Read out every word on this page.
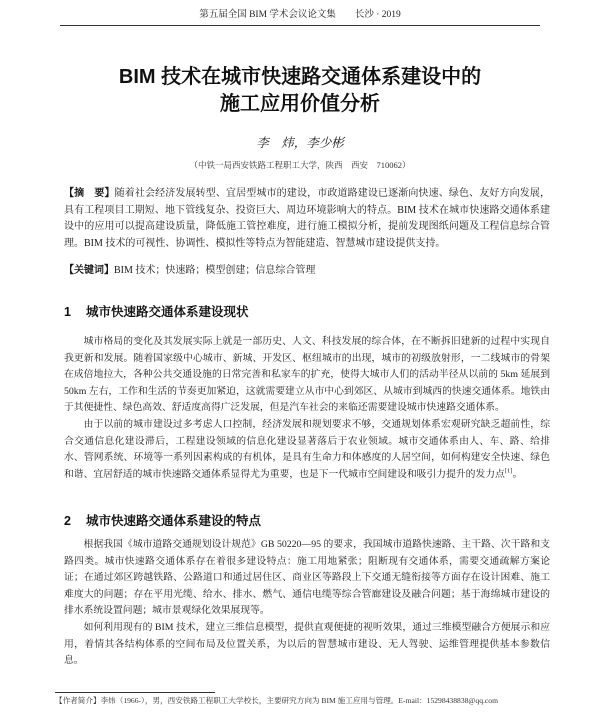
第五届全国 BIM 学术会议论文集　　长沙 · 2019
BIM 技术在城市快速路交通体系建设中的
施工应用价值分析
李　炜，李少彬
（中铁一局西安铁路工程职工大学，陕西　西安　710062）
【摘　要】随着社会经济发展转型、宜居型城市的建设，市政道路建设已逐渐向快速、绿色、友好方向发展，具有工程项目工期短、地下管线复杂、投资巨大、周边环境影响大的特点。BIM 技术在城市快速路交通体系建设中的应用可以提高建设质量，降低施工管控难度，进行施工模拟分析，提前发现图纸问题及工程信息综合管理。BIM 技术的可视性、协调性、模拟性等特点为智能建造、智慧城市建设提供支持。
【关键词】BIM 技术；快速路；模型创建；信息综合管理
1 城市快速路交通体系建设现状

城市格局的变化及其发展实际上就是一部历史、人文、科技发展的综合体，在不断拆旧建新的过程中实现自我更新和发展。随着国家级中心城市、新城、开发区、枢纽城市的出现，城市的初级放射形，一二线城市的骨架在成倍地拉大，各种公共交通设施的日常完善和私家车的扩充，使得大城市人们的活动半径从以前的 5km 延展到 50km 左右，工作和生活的节奏更加紧迫，这就需要建立从市中心到郊区、从城市到城西的快速交通体系。地铁由于其便捷性、绿色高效、舒适度高得广泛发展，但是汽车社会的来临还需要建设城市快速路交通体系。

由于以前的城市建设过多考虑人口控制，经济发展和规划要求不够，交通规划体系宏观研究缺乏超前性，综合交通信息化建设滞后，工程建设领域的信息化建设显著落后于农业领域。城市交通体系由人、车、路、给排水、管网系统、环境等一系列因素构成的有机体，是具有生命力和体感度的人居空间，如何构建安全快速、绿色和谐、宜居舒适的城市快速路交通体系显得尤为重要，也是下一代城市空间建设和吸引力提升的发力点[1]。

2 城市快速路交通体系建设的特点

根据我国《城市道路交通规划设计规范》GB 50220—95 的要求，我国城市道路快速路、主干路、次干路和支路四类。城市快速路交通体系存在着很多建设特点：施工用地紧张；阻断现有交通体系，需要交通疏解方案论证；在通过郊区跨越铁路、公路道口和通过居住区、商业区等路段上下交通无缝衔接等方面存在设计困难、施工难度大的问题；存在平用光缆、给水、排水、燃气、通信电缆等综合管廊建设及融合问题；基于海绵城市建设的排水系统设置问题；城市景观绿化效果展现等。

如何利用现有的 BIM 技术，建立三维信息模型，提供直观便捷的视听效果，通过三维模型融合方便展示和应用，着情其各结构体系的空间布局及位置关系，为以后的智慧城市建设、无人驾驶、运维管理提供基本参数信息。

【作者简介】李炜（1966-），男，西安铁路工程职工大学校长，主要研究方向为 BIM 施工应用与管理。E-mail：15298438838@qq.com
